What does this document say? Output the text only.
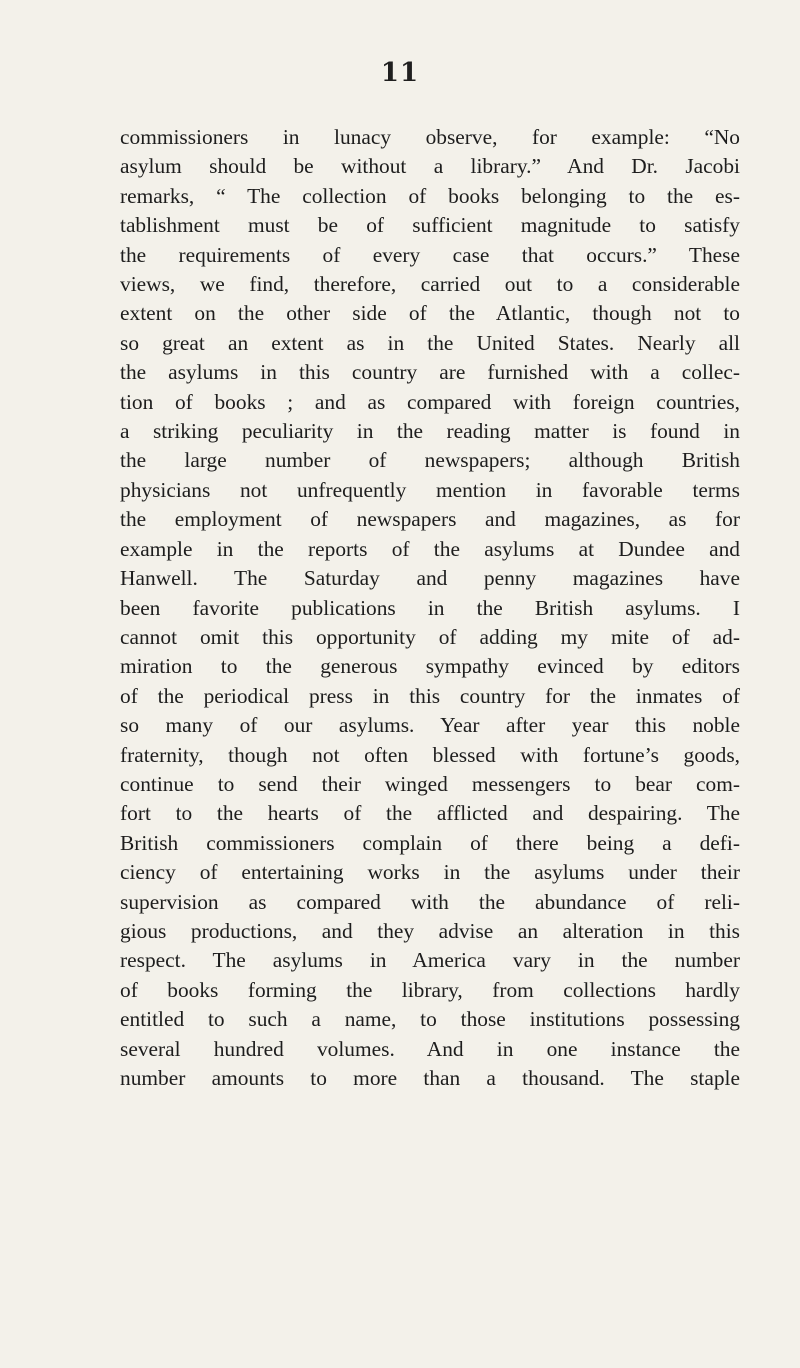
11
commissioners in lunacy observe, for example: “No
asylum should be without a library.” And Dr. Jacobi
remarks, “ The collection of books belonging to the es-
tablishment must be of sufficient magnitude to satisfy
the requirements of every case that occurs.” These
views, we find, therefore, carried out to a considerable
extent on the other side of the Atlantic, though not to
so great an extent as in the United States. Nearly all
the asylums in this country are furnished with a collec-
tion of books ; and as compared with foreign countries,
a striking peculiarity in the reading matter is found in
the large number of newspapers; although British
physicians not unfrequently mention in favorable terms
the employment of newspapers and magazines, as for
example in the reports of the asylums at Dundee and
Hanwell. The Saturday and penny magazines have
been favorite publications in the British asylums. I
cannot omit this opportunity of adding my mite of ad-
miration to the generous sympathy evinced by editors
of the periodical press in this country for the inmates of
so many of our asylums. Year after year this noble
fraternity, though not often blessed with fortune’s goods,
continue to send their winged messengers to bear com-
fort to the hearts of the afflicted and despairing. The
British commissioners complain of there being a defi-
ciency of entertaining works in the asylums under their
supervision as compared with the abundance of reli-
gious productions, and they advise an alteration in this
respect. The asylums in America vary in the number
of books forming the library, from collections hardly
entitled to such a name, to those institutions possessing
several hundred volumes. And in one instance the
number amounts to more than a thousand. The staple
